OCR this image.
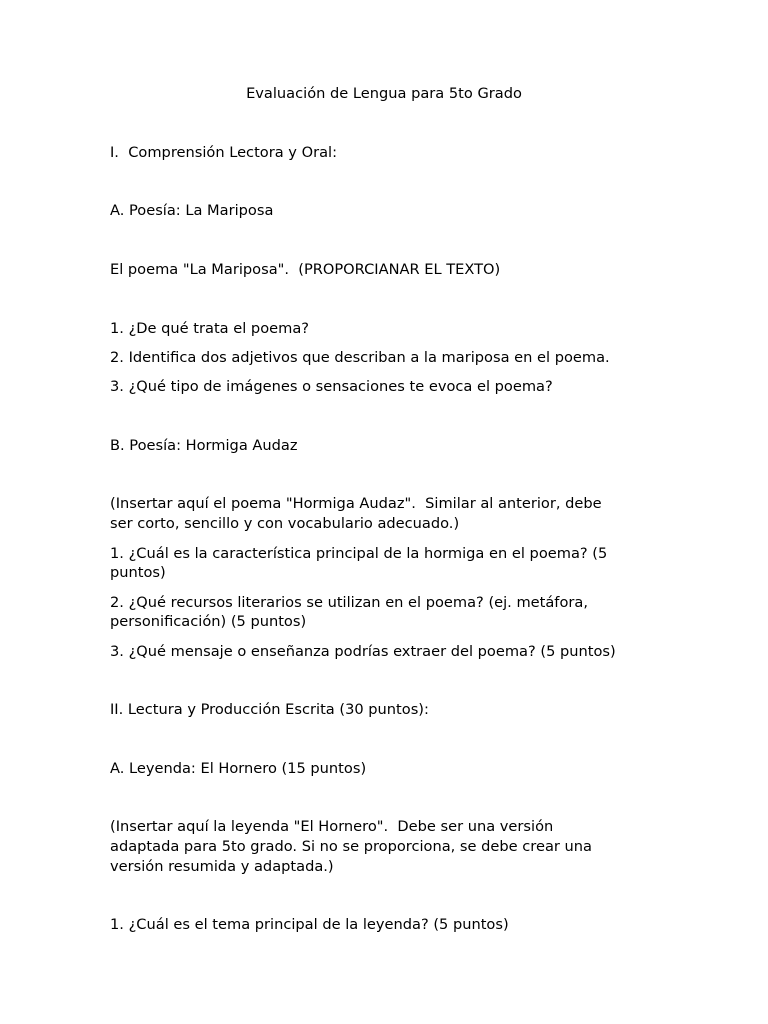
Evaluación de Lengua para 5to Grado
I.  Comprensión Lectora y Oral:
A. Poesía: La Mariposa
El poema "La Mariposa".  (PROPORCIANAR EL TEXTO)
1. ¿De qué trata el poema?
2. Identifica dos adjetivos que describan a la mariposa en el poema.
3. ¿Qué tipo de imágenes o sensaciones te evoca el poema?
B. Poesía: Hormiga Audaz
(Insertar aquí el poema "Hormiga Audaz".  Similar al anterior, debe
ser corto, sencillo y con vocabulario adecuado.)
1. ¿Cuál es la característica principal de la hormiga en el poema? (5
puntos)
2. ¿Qué recursos literarios se utilizan en el poema? (ej. metáfora,
personificación) (5 puntos)
3. ¿Qué mensaje o enseñanza podrías extraer del poema? (5 puntos)
II. Lectura y Producción Escrita (30 puntos):
A. Leyenda: El Hornero (15 puntos)
(Insertar aquí la leyenda "El Hornero".  Debe ser una versión
adaptada para 5to grado. Si no se proporciona, se debe crear una
versión resumida y adaptada.)
1. ¿Cuál es el tema principal de la leyenda? (5 puntos)
